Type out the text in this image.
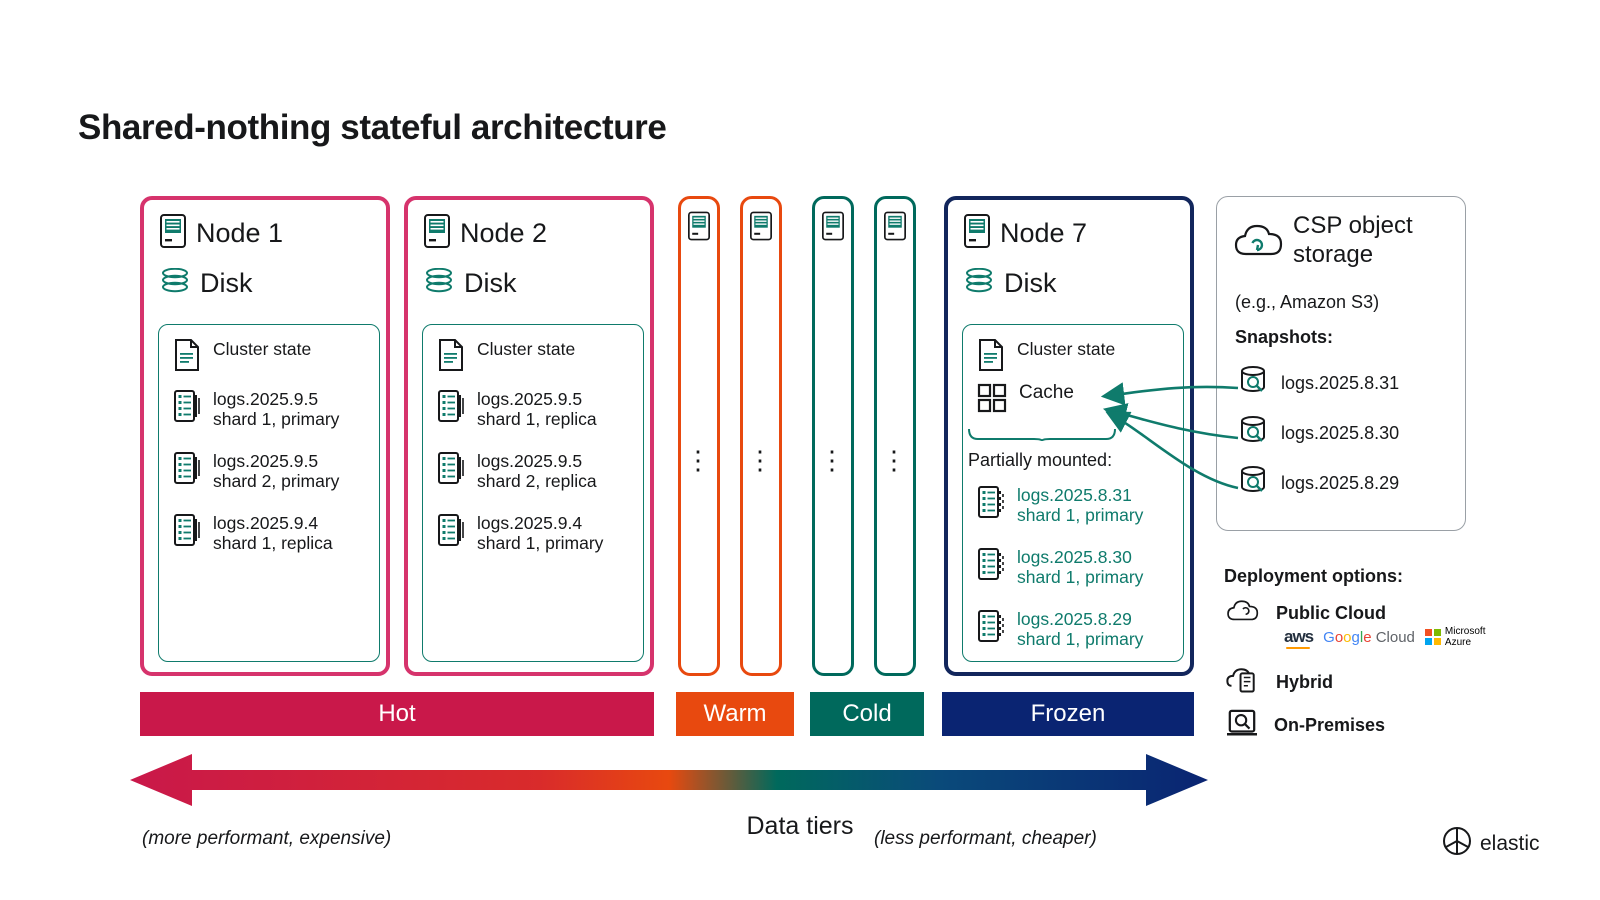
Shared-nothing stateful architecture
Node 1
Disk
Cluster state
logs.2025.9.5
shard 1, primary
logs.2025.9.5
shard 2, primary
logs.2025.9.4
shard 1, replica
Node 2
Disk
Cluster state
logs.2025.9.5
shard 1, replica
logs.2025.9.5
shard 2, replica
logs.2025.9.4
shard 1, primary
⋮ ⋮ ⋮ ⋮
Node 7
Disk
Cluster state
Cache
logs.2025.8.31
shard 1, primary
logs.2025.8.30
shard 1, primary
logs.2025.8.29
shard 1, primary
Partially mounted:
Hot	Warm	Cold	Frozen
Data tiers
(more performant, expensive)	(less performant, cheaper)
CSP object storage
(e.g., Amazon S3)
Snapshots:
logs.2025.8.31
logs.2025.8.30
logs.2025.8.29
Deployment options:
Public Cloud
aws Google Cloud	Microsoft
Azure
Hybrid
On-Premises
elastic
